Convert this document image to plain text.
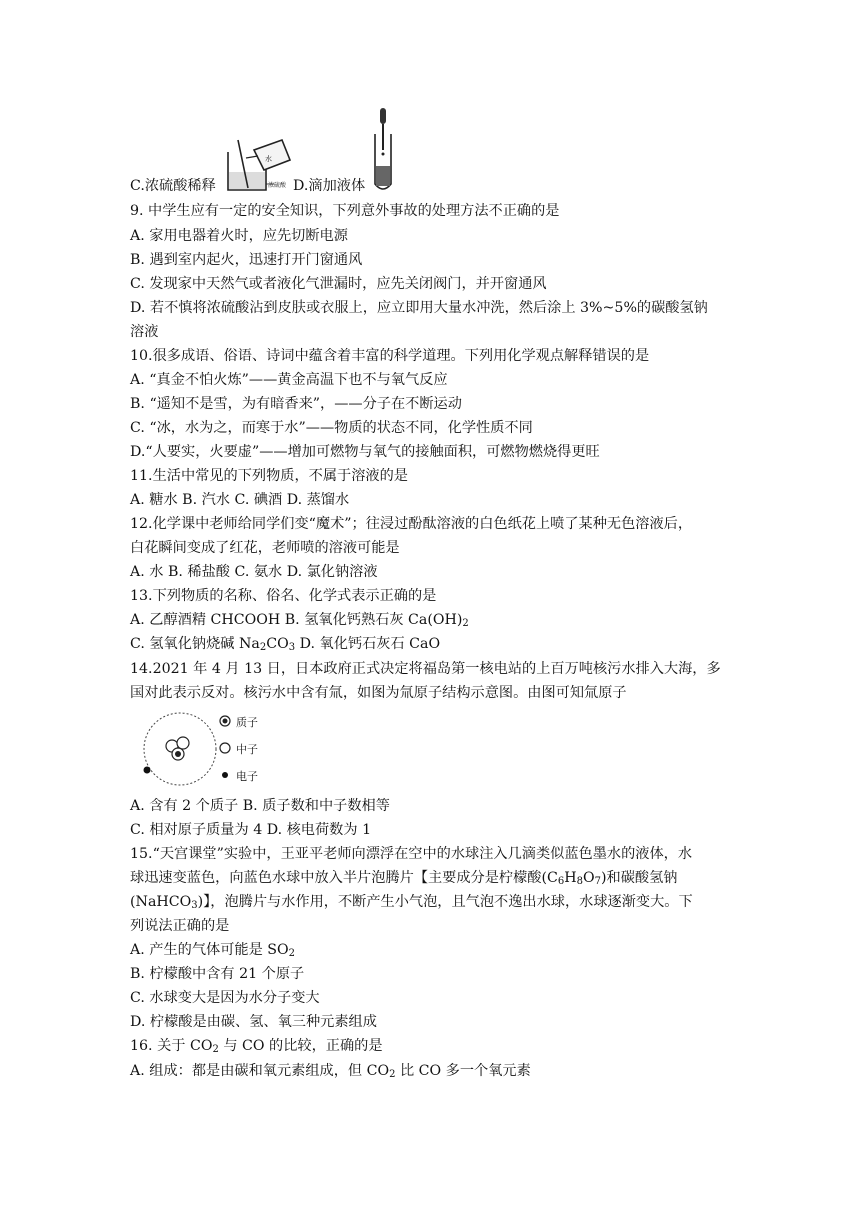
C.浓硫酸稀释
水
浓硫酸 D.滴加液体
9. 中学生应有一定的安全知识，下列意外事故的处理方法不正确的是
A. 家用电器着火时，应先切断电源
B. 遇到室内起火，迅速打开门窗通风
C. 发现家中天然气或者液化气泄漏时，应先关闭阀门，并开窗通风
D. 若不慎将浓硫酸沾到皮肤或衣服上，应立即用大量水冲洗，然后涂上 3%~5%的碳酸氢钠
溶液
10.很多成语、俗语、诗词中蕴含着丰富的科学道理。下列用化学观点解释错误的是
A. “真金不怕火炼”——黄金高温下也不与氧气反应
B. “遥知不是雪，为有暗香来”，——分子在不断运动
C. “冰，水为之，而寒于水”——物质的状态不同，化学性质不同
D.“人要实，火要虚”——增加可燃物与氧气的接触面积，可燃物燃烧得更旺
11.生活中常见的下列物质，不属于溶液的是
A. 糖水 B. 汽水 C. 碘酒 D. 蒸馏水
12.化学课中老师给同学们变“魔术”；往浸过酚酞溶液的白色纸花上喷了某种无色溶液后，
白花瞬间变成了红花，老师喷的溶液可能是
A. 水 B. 稀盐酸 C. 氨水 D. 氯化钠溶液
13.下列物质的名称、俗名、化学式表示正确的是
A. 乙醇酒精 CHCOOH B. 氢氧化钙熟石灰 $Ca(OH)_2$
C. 氢氧化钠烧碱 $Na_2CO_3$ D. 氧化钙石灰石 CaO
14.2021 年 4 月 13 日，日本政府正式决定将福岛第一核电站的上百万吨核污水排入大海，多
国对此表示反对。核污水中含有氚，如图为氚原子结构示意图。由图可知氚原子
质子
中子
电子
A. 含有 2 个质子 B. 质子数和中子数相等
C. 相对原子质量为 4 D. 核电荷数为 1
15.“天宫课堂”实验中，王亚平老师向漂浮在空中的水球注入几滴类似蓝色墨水的液体，水
球迅速变蓝色，向蓝色水球中放入半片泡腾片【主要成分是柠檬酸$(C_6H_8O_7)$和碳酸氢钠
(NaHCO$_3$)】，泡腾片与水作用，不断产生小气泡，且气泡不逸出水球，水球逐渐变大。下
列说法正确的是
A. 产生的气体可能是 $SO_2$
B. 柠檬酸中含有 21 个原子
C. 水球变大是因为水分子变大
D. 柠檬酸是由碳、氢、氧三种元素组成
16. 关于 $CO_2$ 与 CO 的比较，正确的是
A. 组成：都是由碳和氧元素组成，但 $CO_2$ 比 CO 多一个氧元素
